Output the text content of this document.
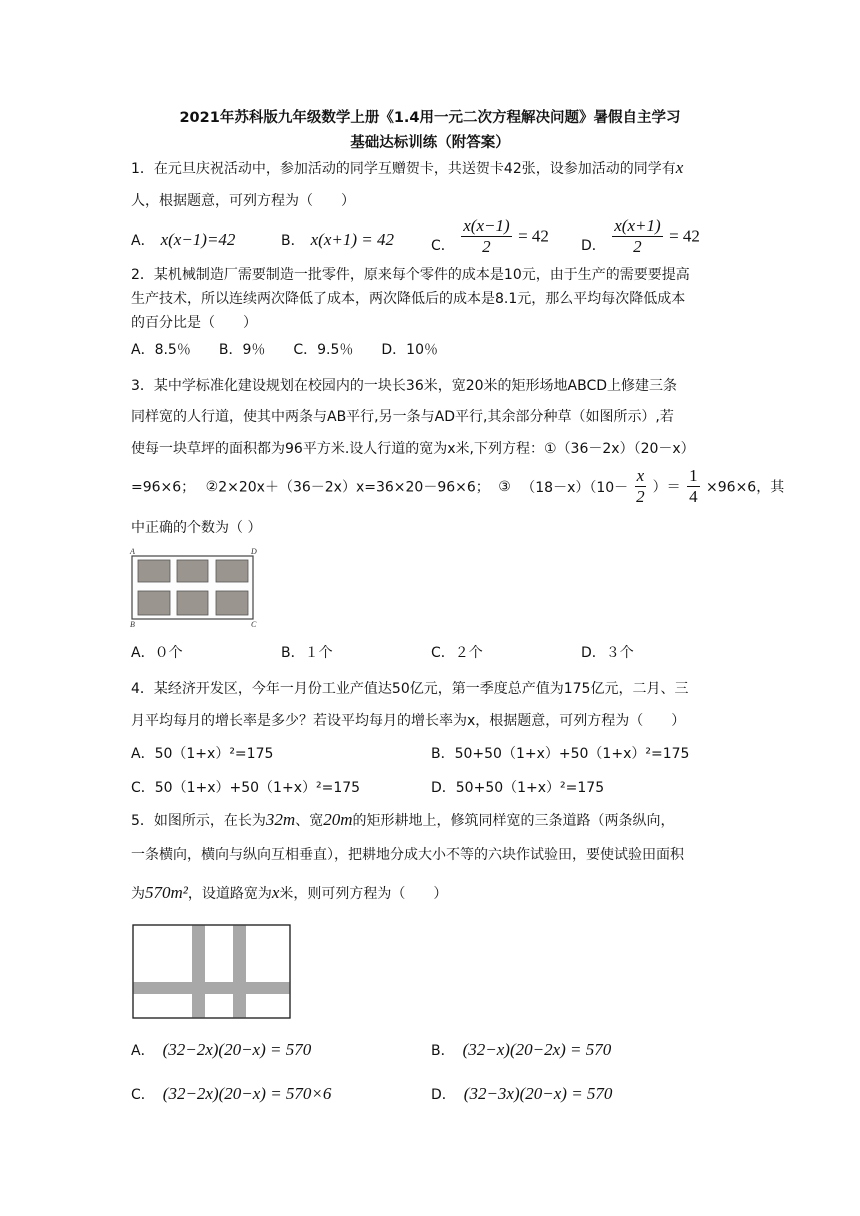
2021年苏科版九年级数学上册《1.4用一元二次方程解决问题》暑假自主学习
基础达标训练（附答案）
1．在元旦庆祝活动中，参加活动的同学互赠贺卡，共送贺卡42张，设参加活动的同学有x
人，根据题意，可列方程为（　　）
A． x(x−1)=42	B． x(x+1) = 42	C． $\frac{x(x-1)}{2} = 42$ D． $\frac{x(x+1)}{2} = 42$
2．某机械制造厂需要制造一批零件，原来每个零件的成本是10元，由于生产的需要要提高
生产技术，所以连续两次降低了成本，两次降低后的成本是8.1元，那么平均每次降低成本
的百分比是（　　）
A．8.5％　　B．9％　　C．9.5％　　D．10％
3．某中学标准化建设规划在校园内的一块长36米，宽20米的矩形场地ABCD上修建三条
同样宽的人行道，使其中两条与AB平行,另一条与AD平行,其余部分种草（如图所示）,若
使每一块草坪的面积都为96平方米.设人行道的宽为x米,下列方程：①（36－2x）（20－x）
=96×6； ②2×20x＋（36－2x）x=36×20－96×6； ③ $(18-x)(10- \frac{x}{2}$ ）＝ $\frac{1}{4} \times 96\times 6$，其
中正确的个数为（ ）
A	D
B	C
A．０个	B．１个	C．２个	D．３个
4．某经济开发区，今年一月份工业产值达50亿元，第一季度总产值为175亿元，二月、三
月平均每月的增长率是多少？若设平均每月的增长率为x，根据题意，可列方程为（　　）
A．50（1+x）²=175	B．50+50（1+x）+50（1+x）²=175
C．50（1+x）+50（1+x）²=175	D．50+50（1+x）²=175
5．如图所示，在长为32m、宽20m的矩形耕地上，修筑同样宽的三条道路（两条纵向，
一条横向，横向与纵向互相垂直），把耕地分成大小不等的六块作试验田，要使试验田面积
为570m²，设道路宽为x米，则可列方程为（　　）
A． (32−2x)(20−x) = 570	B． (32−x)(20−2x) = 570
C． (32−2x)(20−x) = 570×6	D． (32−3x)(20−x) = 570
